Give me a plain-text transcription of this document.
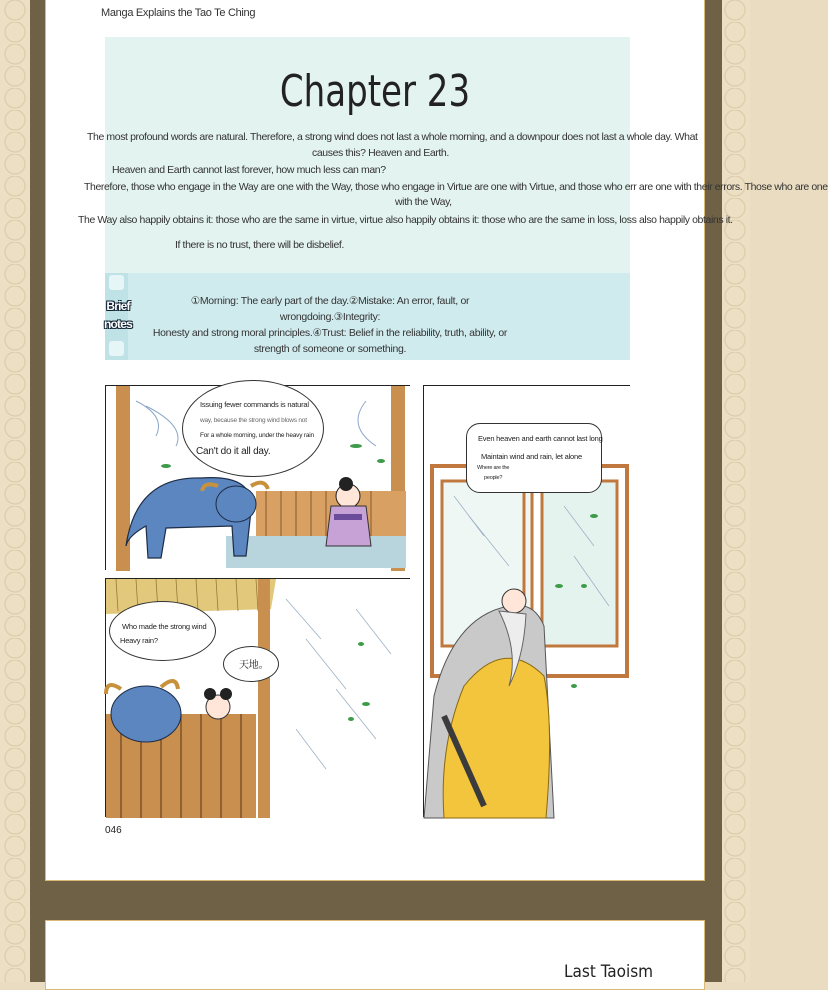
Manga Explains the Tao Te Ching
Chapter 23
The most profound words are natural. Therefore, a strong wind does not last a whole morning, and a downpour does not last a whole day. What
causes this? Heaven and Earth.
Heaven and Earth cannot last forever, how much less can man?
Therefore, those who engage in the Way are one with the Way, those who engage in Virtue are one with Virtue, and those who err are one with their errors. Those who are one
with the Way,
The Way also happily obtains it: those who are the same in virtue, virtue also happily obtains it: those who are the same in loss, loss also happily obtains it.
If there is no trust, there will be disbelief.
Brief
notes
①Morning: The early part of the day.②Mistake: An error, fault, or wrongdoing.③Integrity:
Honesty and strong moral principles.④Trust: Belief in the reliability, truth, ability, or
strength of someone or something.
Issuing fewer commands is natural
way, because the strong wind blows not
For a whole morning, under the heavy rain
Can't do it all day.
Even heaven and earth cannot last long
Maintain wind and rain, let alone
Where are the
people?
Who made the strong wind
Heavy rain?
天地。
046
Last Taoism
